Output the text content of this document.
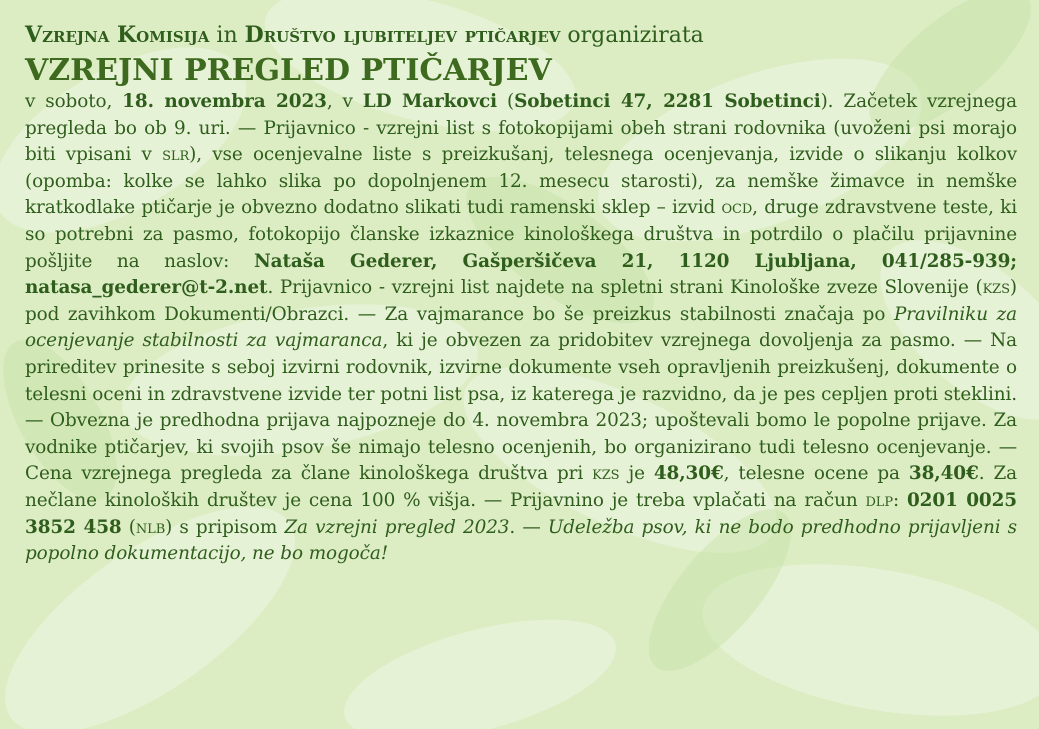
Vzrejna Komisija in Društvo ljubiteljev ptičarjev organizirata
VZREJNI PREGLED PTIČARJEV
v soboto, 18. novembra 2023, v LD Markovci (Sobetinci 47, 2281 Sobetinci). Začetek vzrejnega pregleda bo ob 9. uri. — Prijavnico - vzrejni list s fotokopijami obeh strani rodovnika (uvoženi psi morajo biti vpisani v slr), vse ocenjevalne liste s preizkušanj, telesnega ocenjevanja, izvide o slikanju kolkov (opomba: kolke se lahko slika po dopolnjenem 12. mesecu starosti), za nemške žimavce in nemške kratkodlake ptičarje je obvezno dodatno slikati tudi ramenski sklep – izvid ocd, druge zdravstvene teste, ki so potrebni za pasmo, fotokopijo članske izkaznice kinološkega društva in potrdilo o plačilu prijavnine pošljite na naslov: Nataša Gederer, Gašperšičeva 21, 1120 Ljubljana, 041/285-939; natasa_gederer@t-2.net. Prijavnico - vzrejni list najdete na spletni strani Kinološke zveze Slovenije (kzs) pod zavihkom Dokumenti/Obrazci. — Za vajmarance bo še preizkus stabilnosti značaja po Pravilniku za ocenjevanje stabilnosti za vajmaranca, ki je obvezen za pridobitev vzrejnega dovoljenja za pasmo. — Na prireditev prinesite s seboj izvirni rodovnik, izvirne dokumente vseh opravljenih preizkušenj, dokumente o telesni oceni in zdravstvene izvide ter potni list psa, iz katerega je razvidno, da je pes cepljen proti steklini. — Obvezna je predhodna prijava najpozneje do 4. novembra 2023; upoštevali bomo le popolne prijave. Za vodnike ptičarjev, ki svojih psov še nimajo telesno ocenjenih, bo organizirano tudi telesno ocenjevanje. — Cena vzrejnega pregleda za člane kinološkega društva pri kzs je 48,30€, telesne ocene pa 38,40€. Za nečlane kinoloških društev je cena 100 % višja. — Prijavnino je treba vplačati na račun dlp: 0201 0025 3852 458 (nlb) s pripisom Za vzrejni pregled 2023. — Udeležba psov, ki ne bodo predhodno prijavljeni s popolno dokumentacijo, ne bo mogoča!
